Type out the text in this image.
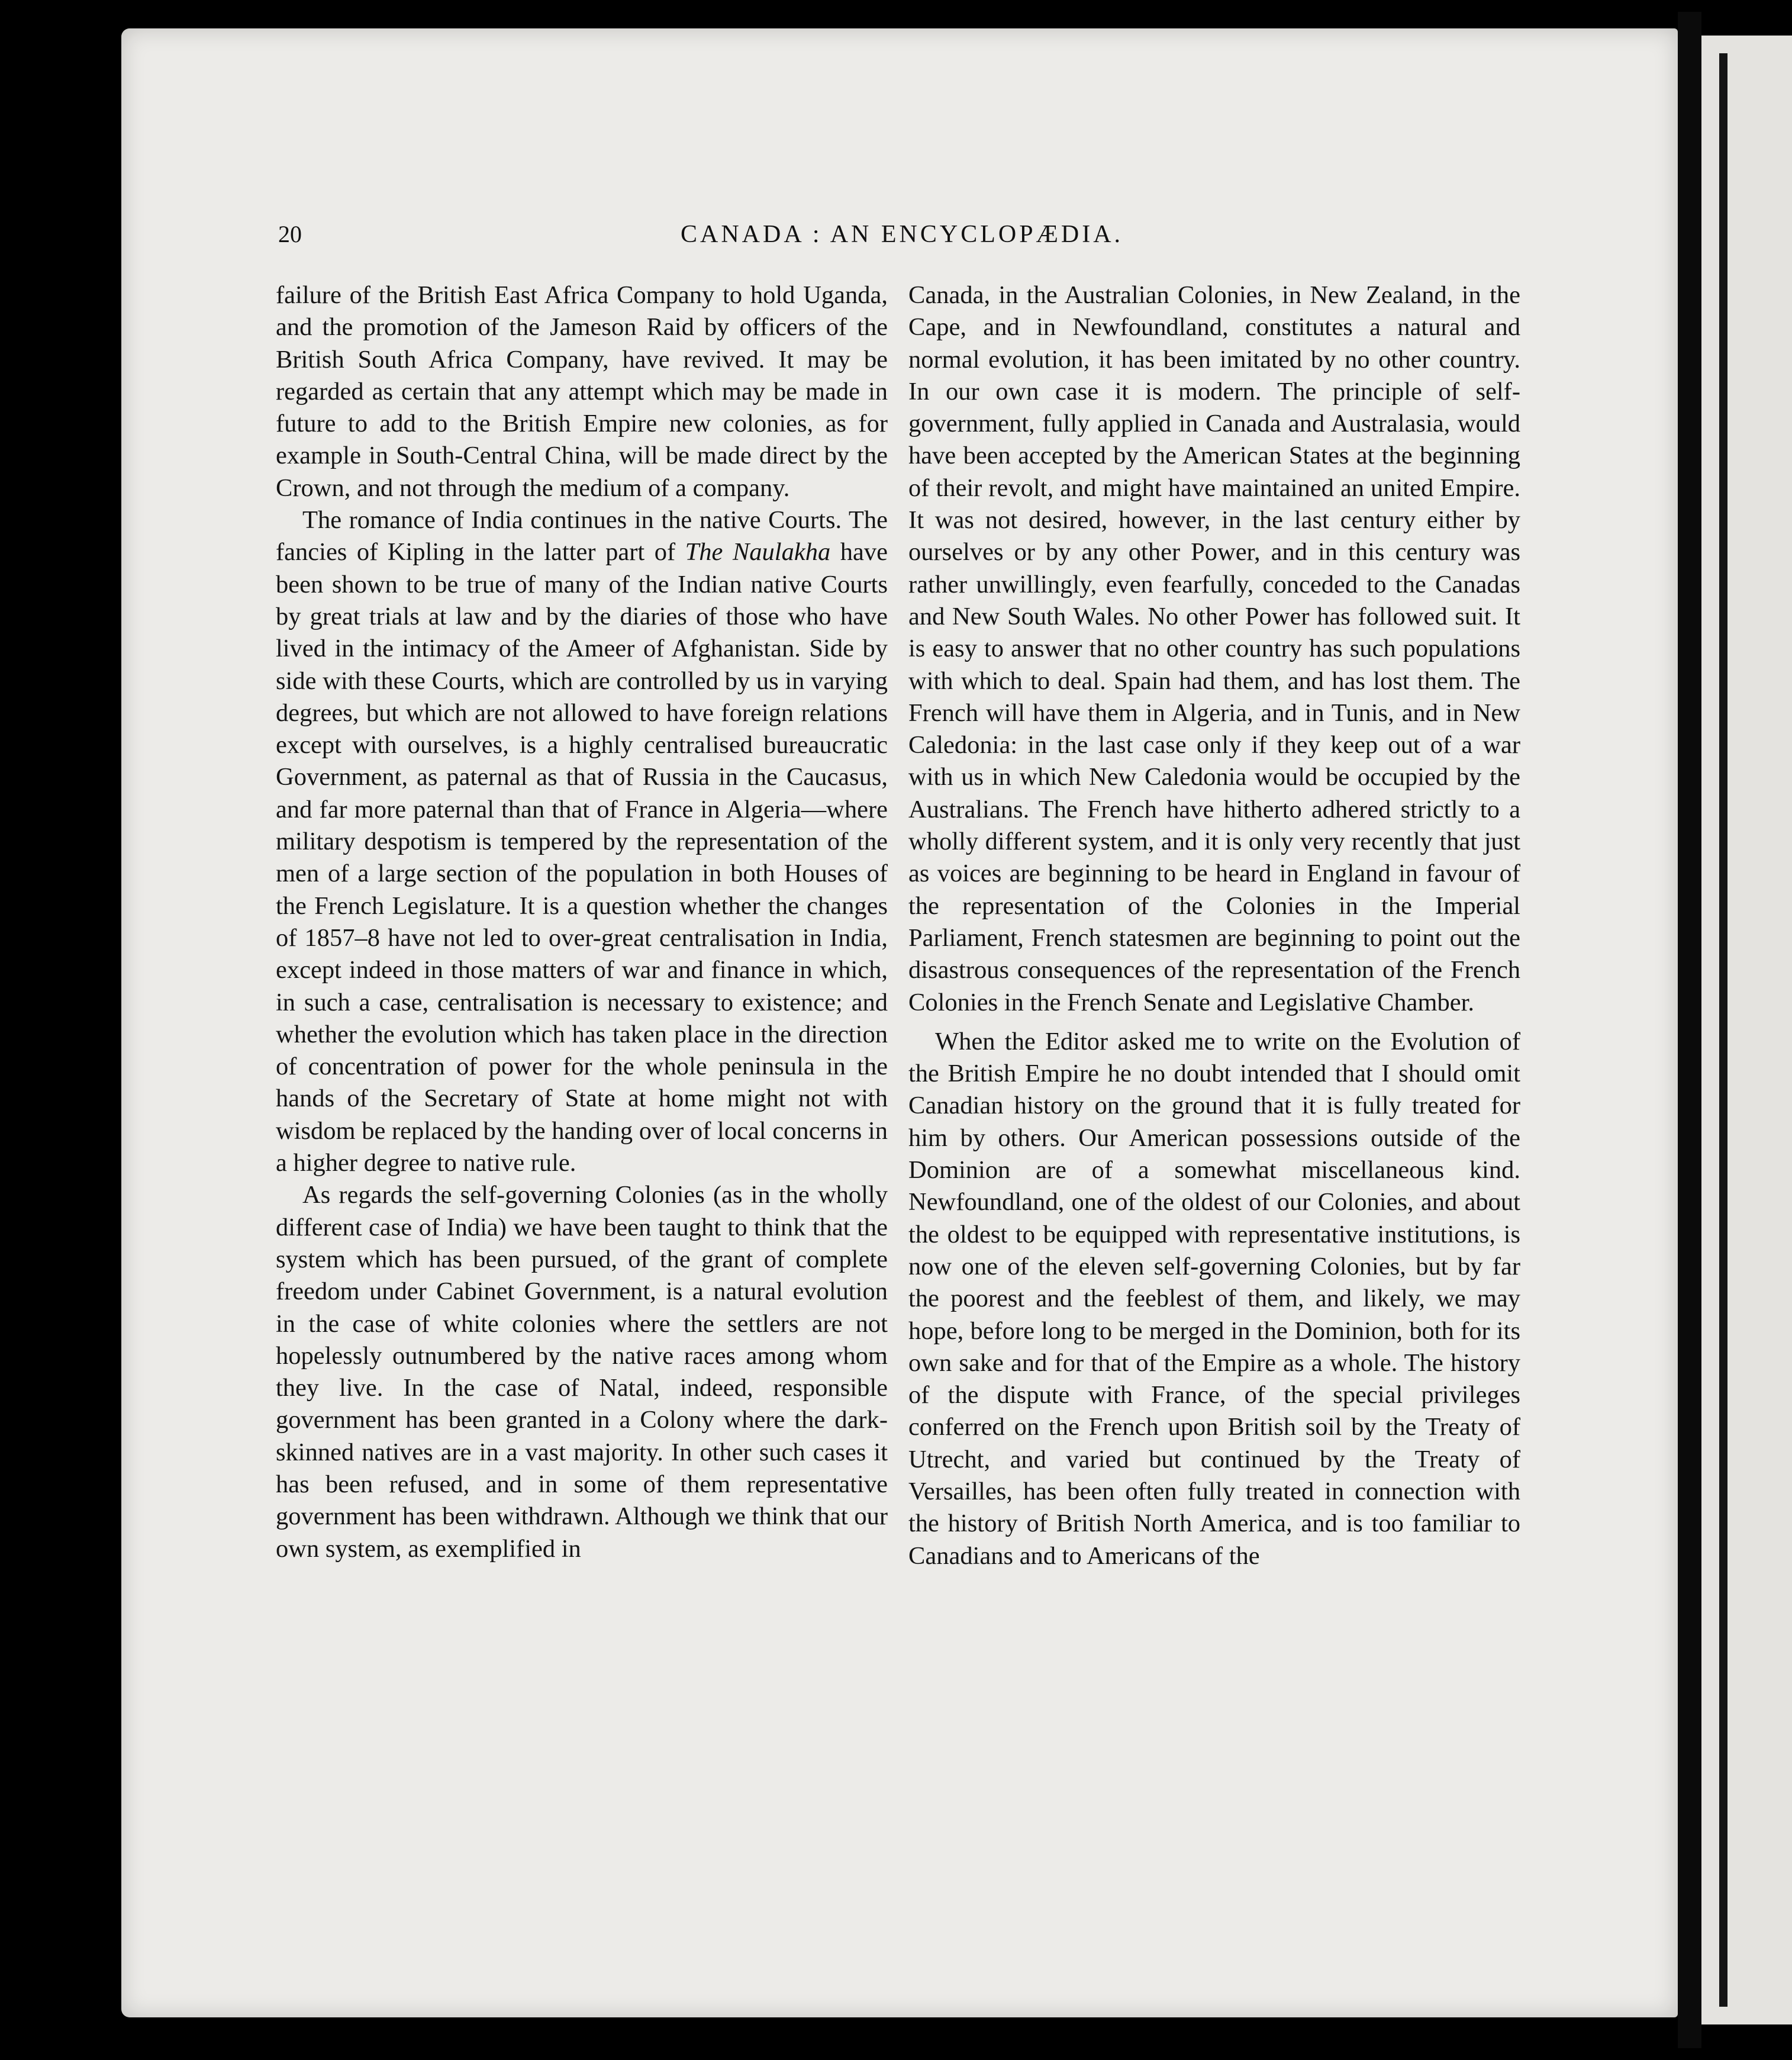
20	CANADA : AN ENCYCLOPÆDIA.

failure of the British East Africa Company to hold Uganda, and the promotion of the Jameson Raid by officers of the British South Africa Company, have revived. It may be regarded as certain that any attempt which may be made in future to add to the British Empire new colonies, as for example in South-Central China, will be made direct by the Crown, and not through the medium of a company.

The romance of India continues in the native Courts. The fancies of Kipling in the latter part of The Naulakha have been shown to be true of many of the Indian native Courts by great trials at law and by the diaries of those who have lived in the intimacy of the Ameer of Afghanistan. Side by side with these Courts, which are controlled by us in varying degrees, but which are not allowed to have foreign relations except with ourselves, is a highly centralised bureaucratic Government, as paternal as that of Russia in the Caucasus, and far more paternal than that of France in Algeria—where military despotism is tempered by the representation of the men of a large section of the population in both Houses of the French Legislature. It is a question whether the changes of 1857–8 have not led to over-great centralisation in India, except indeed in those matters of war and finance in which, in such a case, centralisation is necessary to existence; and whether the evolution which has taken place in the direction of concentration of power for the whole peninsula in the hands of the Secretary of State at home might not with wisdom be replaced by the handing over of local concerns in a higher degree to native rule.

As regards the self-governing Colonies (as in the wholly different case of India) we have been taught to think that the system which has been pursued, of the grant of complete freedom under Cabinet Government, is a natural evolution in the case of white colonies where the settlers are not hopelessly outnumbered by the native races among whom they live. In the case of Natal, indeed, responsible government has been granted in a Colony where the dark-skinned natives are in a vast majority. In other such cases it has been refused, and in some of them representative government has been withdrawn. Although we think that our own system, as exemplified in

Canada, in the Australian Colonies, in New Zealand, in the Cape, and in Newfoundland, constitutes a natural and normal evolution, it has been imitated by no other country. In our own case it is modern. The principle of self-government, fully applied in Canada and Australasia, would have been accepted by the American States at the beginning of their revolt, and might have maintained an united Empire. It was not desired, however, in the last century either by ourselves or by any other Power, and in this century was rather unwillingly, even fearfully, conceded to the Canadas and New South Wales. No other Power has followed suit. It is easy to answer that no other country has such populations with which to deal. Spain had them, and has lost them. The French will have them in Algeria, and in Tunis, and in New Caledonia: in the last case only if they keep out of a war with us in which New Caledonia would be occupied by the Australians. The French have hitherto adhered strictly to a wholly different system, and it is only very recently that just as voices are beginning to be heard in England in favour of the representation of the Colonies in the Imperial Parliament, French statesmen are beginning to point out the disastrous consequences of the representation of the French Colonies in the French Senate and Legislative Chamber.

When the Editor asked me to write on the Evolution of the British Empire he no doubt intended that I should omit Canadian history on the ground that it is fully treated for him by others. Our American possessions outside of the Dominion are of a somewhat miscellaneous kind. Newfoundland, one of the oldest of our Colonies, and about the oldest to be equipped with representative institutions, is now one of the eleven self-governing Colonies, but by far the poorest and the feeblest of them, and likely, we may hope, before long to be merged in the Dominion, both for its own sake and for that of the Empire as a whole. The history of the dispute with France, of the special privileges conferred on the French upon British soil by the Treaty of Utrecht, and varied but continued by the Treaty of Versailles, has been often fully treated in connection with the history of British North America, and is too familiar to Canadians and to Americans of the
